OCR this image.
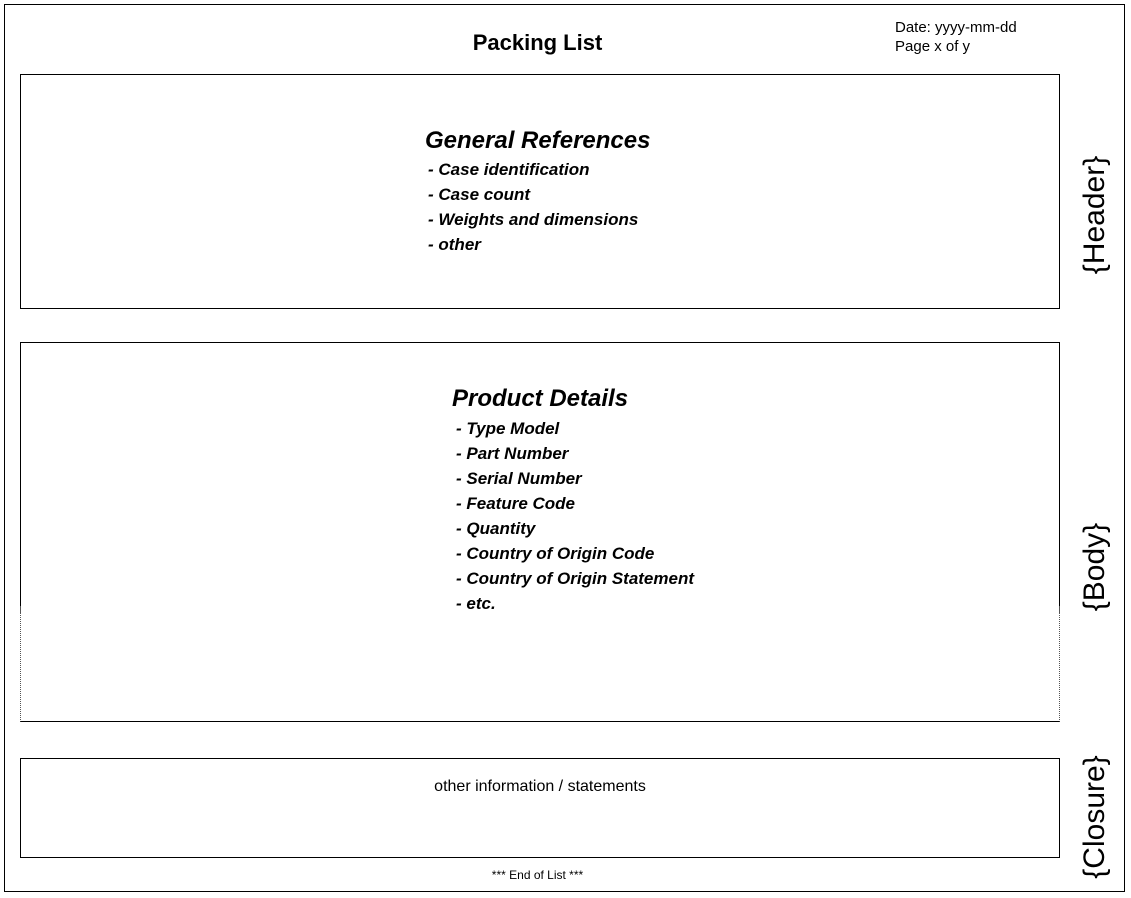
Packing List
Date: yyyy-mm-dd
Page x of y
General References
- Case identification
- Case count
- Weights and dimensions
- other	{Header}
Product Details
- Type Model
- Part Number
- Serial Number
- Feature Code
- Quantity
- Country of Origin Code
- Country of Origin Statement
- etc.	{Body}
other information / statements	{Closure}
*** End of List ***
